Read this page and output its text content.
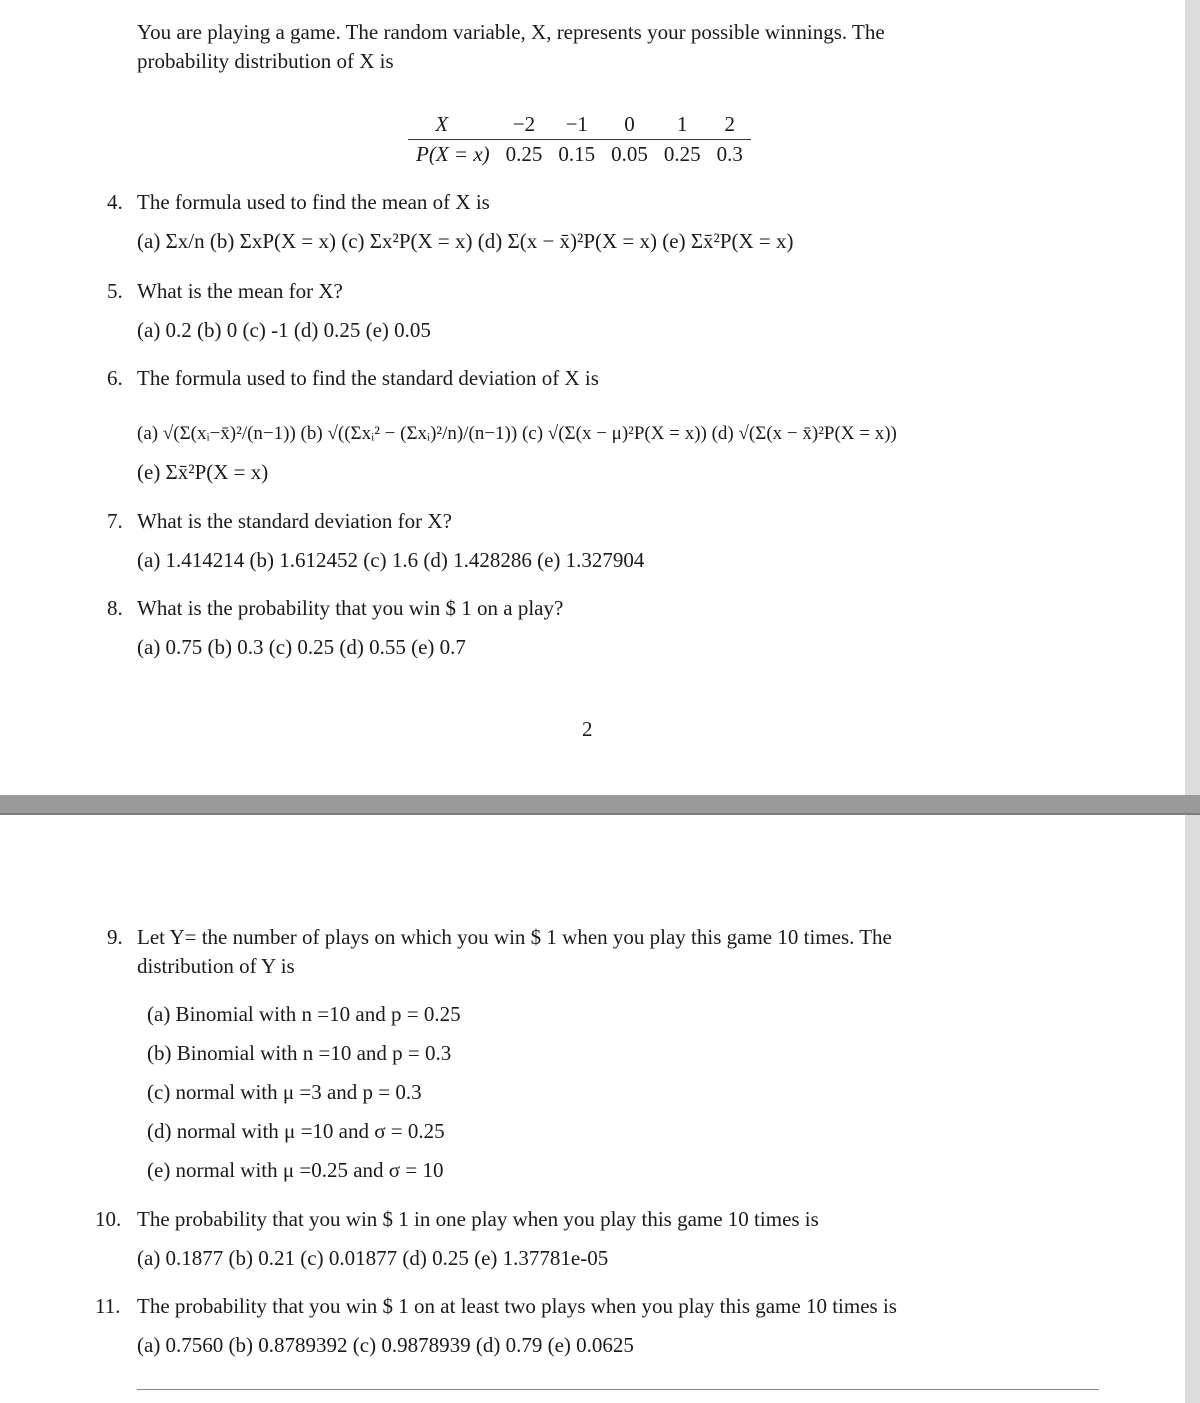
You are playing a game. The random variable, X, represents your possible winnings. The
probability distribution of X is
X	−2	−1	0	1	2
P(X = x)	0.25	0.15	0.05	0.25	0.3
4. The formula used to find the mean of X is
(a) Σx/n (b) ΣxP(X = x) (c) Σx²P(X = x) (d) Σ(x − x̄)²P(X = x) (e) Σx̄²P(X = x)
5. What is the mean for X?
(a) 0.2 (b) 0 (c) -1 (d) 0.25 (e) 0.05
6. The formula used to find the standard deviation of X is
(a) √(Σ(xᵢ−x̄)²/(n−1)) (b) √((Σxᵢ² − (Σxᵢ)²/n)/(n−1)) (c) √(Σ(x − μ)²P(X = x)) (d) √(Σ(x − x̄)²P(X = x))
(e) Σx̄²P(X = x)
7. What is the standard deviation for X?
(a) 1.414214 (b) 1.612452 (c) 1.6 (d) 1.428286 (e) 1.327904
8. What is the probability that you win $ 1 on a play?
(a) 0.75 (b) 0.3 (c) 0.25 (d) 0.55 (e) 0.7
2
9. Let Y= the number of plays on which you win $ 1 when you play this game 10 times. The
distribution of Y is
(a) Binomial with n =10 and p = 0.25
(b) Binomial with n =10 and p = 0.3
(c) normal with μ =3 and p = 0.3
(d) normal with μ =10 and σ = 0.25
(e) normal with μ =0.25 and σ = 10
10. The probability that you win $ 1 in one play when you play this game 10 times is
(a) 0.1877 (b) 0.21 (c) 0.01877 (d) 0.25 (e) 1.37781e-05
11. The probability that you win $ 1 on at least two plays when you play this game 10 times is
(a) 0.7560 (b) 0.8789392 (c) 0.9878939 (d) 0.79 (e) 0.0625
